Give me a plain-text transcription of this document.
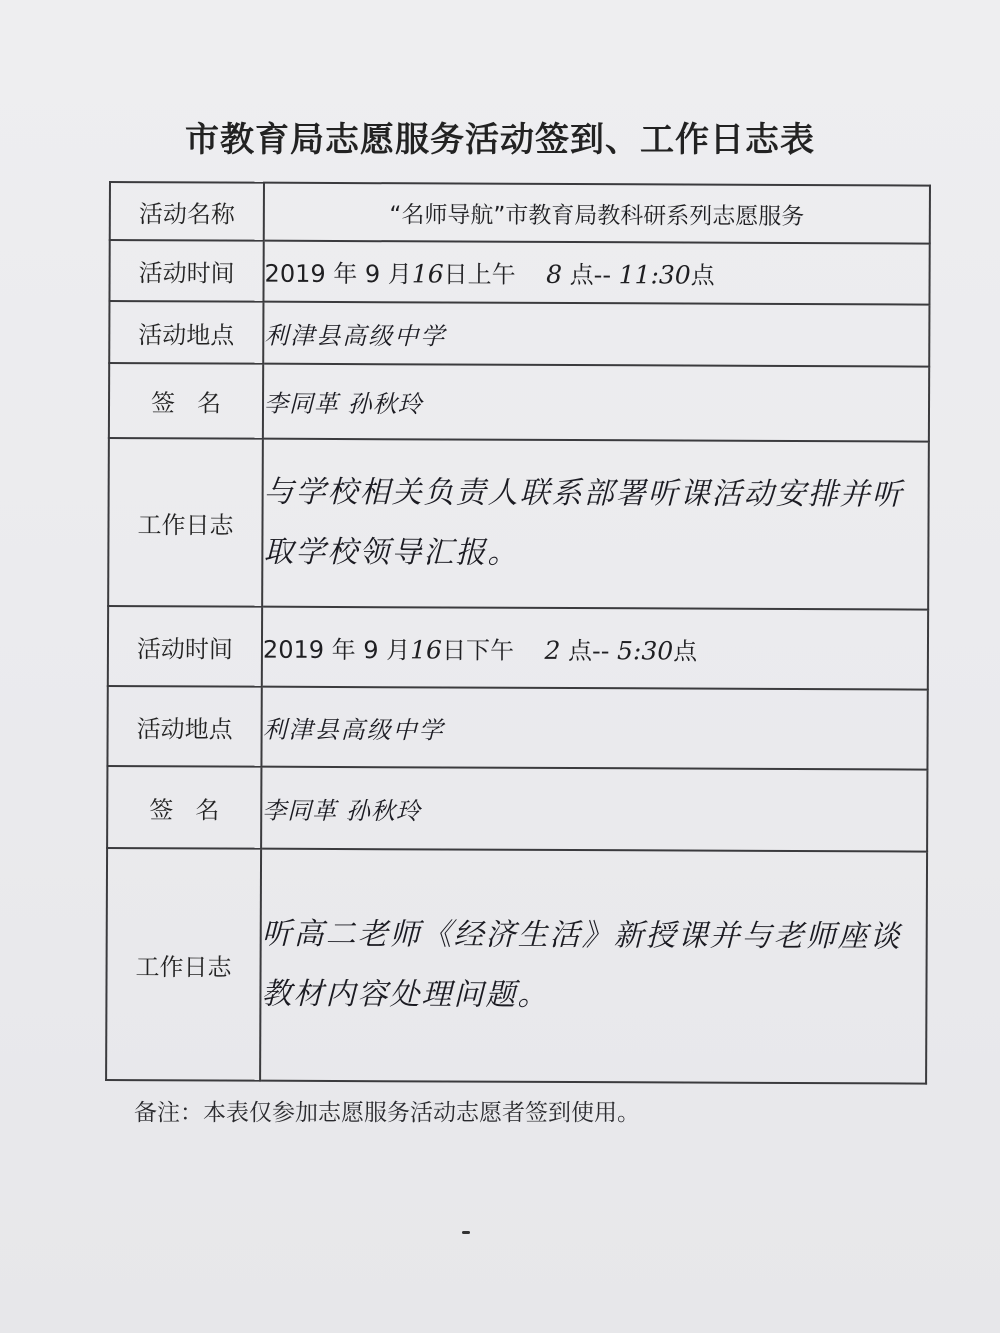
市教育局志愿服务活动签到、工作日志表
活动名称	“名师导航”市教育局教科研系列志愿服务
活动时间	2019 年 9 月16日上午 8 点-- 11:30点
活动地点	利津县高级中学
签名	李同革 孙秋玲
工作日志	与学校相关负责人联系部署听课活动安排并听取学校领导汇报。
活动时间	2019 年 9 月16日下午 2 点-- 5:30点
活动地点	利津县高级中学
签名	李同革 孙秋玲
工作日志	听高二老师《经济生活》新授课并与老师座谈教材内容处理问题。
备注：本表仅参加志愿服务活动志愿者签到使用。
